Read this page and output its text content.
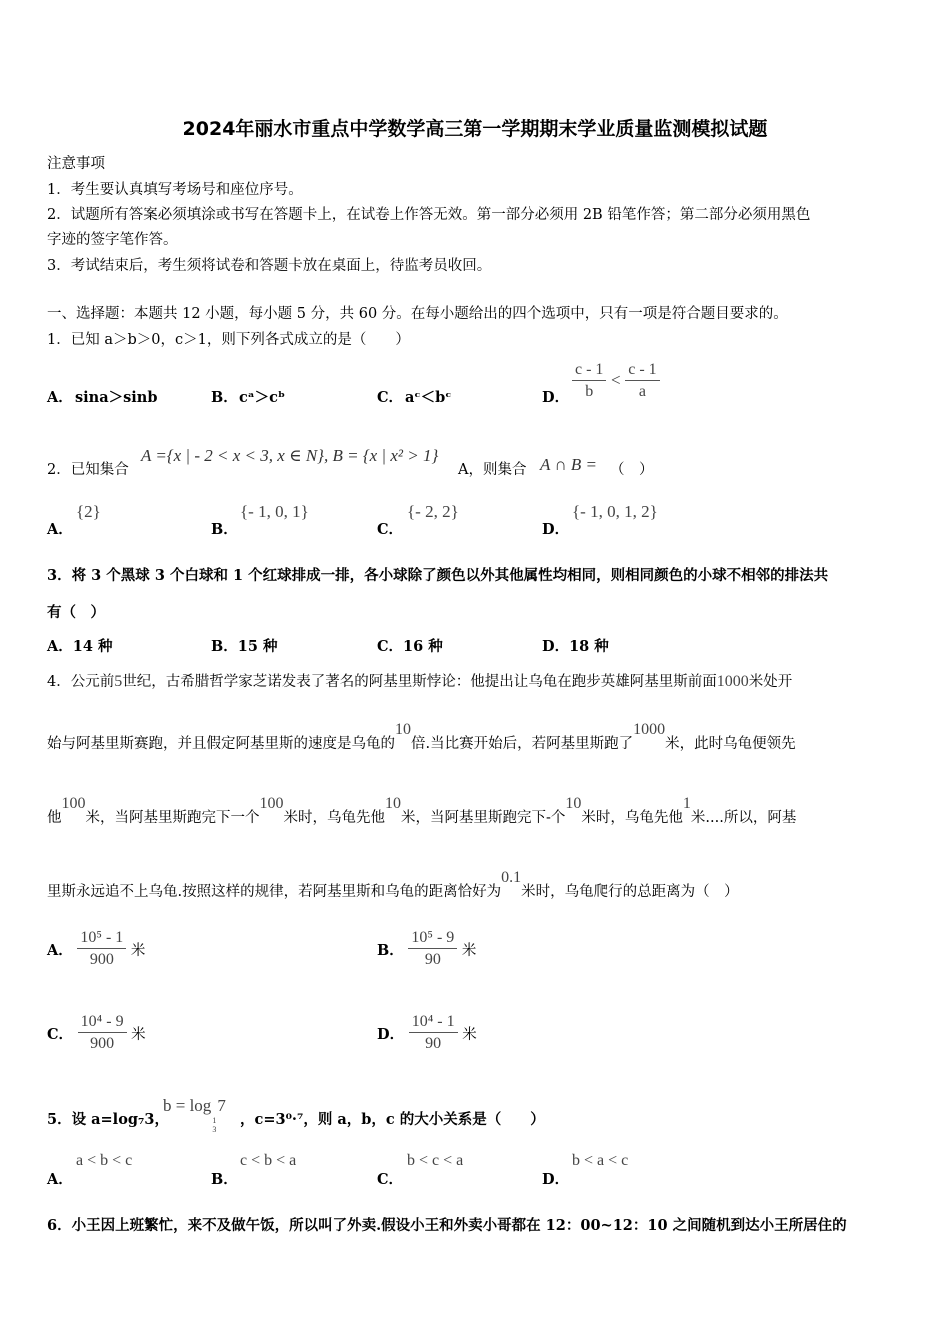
2024年丽水市重点中学数学高三第一学期期末学业质量监测模拟试题
注意事项
1．考生要认真填写考场号和座位序号。
2．试题所有答案必须填涂或书写在答题卡上，在试卷上作答无效。第一部分必须用 2B 铅笔作答；第二部分必须用黑色
字迹的签字笔作答。
3．考试结束后，考生须将试卷和答题卡放在桌面上，待监考员收回。
一、选择题：本题共 12 小题，每小题 5 分，共 60 分。在每小题给出的四个选项中，只有一项是符合题目要求的。
1．已知 a＞b＞0，c＞1，则下列各式成立的是（　　）
A． sina＞sinb	B． cᵃ＞cᵇ	C． aᶜ＜bᶜ	D． $\frac{c - 1}{b} < \frac{c - 1}{a}$
2．已知集合
A ={x | - 2 < x < 3, x ∈ N}, B = {x | x² > 1}
A，则集合 A ∩ B = （　）
A．
{2}
B．
{- 1, 0, 1}
C．
{- 2, 2}
D．
{- 1, 0, 1, 2}
3．将 3 个黑球 3 个白球和 1 个红球排成一排，各小球除了颜色以外其他属性均相同，则相同颜色的小球不相邻的排法共
有（　）
A．14 种	B．15 种	C．16 种	D．18 种
4．公元前5世纪，古希腊哲学家芝诺发表了著名的阿基里斯悖论：他提出让乌龟在跑步英雄阿基里斯前面1000米处开
始与阿基里斯赛跑，并且假定阿基里斯的速度是乌龟的10倍.当比赛开始后，若阿基里斯跑了1000米，此时乌龟便领先
他100米，当阿基里斯跑完下一个100米时，乌龟先他10米，当阿基里斯跑完下-个10米时，乌龟先他1米....所以，阿基
里斯永远追不上乌龟.按照这样的规律，若阿基里斯和乌龟的距离恰好为0.1米时，乌龟爬行的总距离为（　）
A． $\frac{\text{10⁵ - 1}}{900}$ 米	B． $\frac{\text{10⁵ - 9}}{90}$ 米
C． $\frac{\text{10⁴ - 9}}{900}$ 米	D． $\frac{\text{10⁴ - 1}}{90}$ 米
5．设 a=log₇3，
b = log
1
3
7
，c=3⁰·⁷，则 a，b，c 的大小关系是（　　）
A．
a < b < c
B．
c < b < a
C．
b < c < a
D．
b < a < c
6．小王因上班繁忙，来不及做午饭，所以叫了外卖.假设小王和外卖小哥都在 12：00~12：10 之间随机到达小王所居住的
